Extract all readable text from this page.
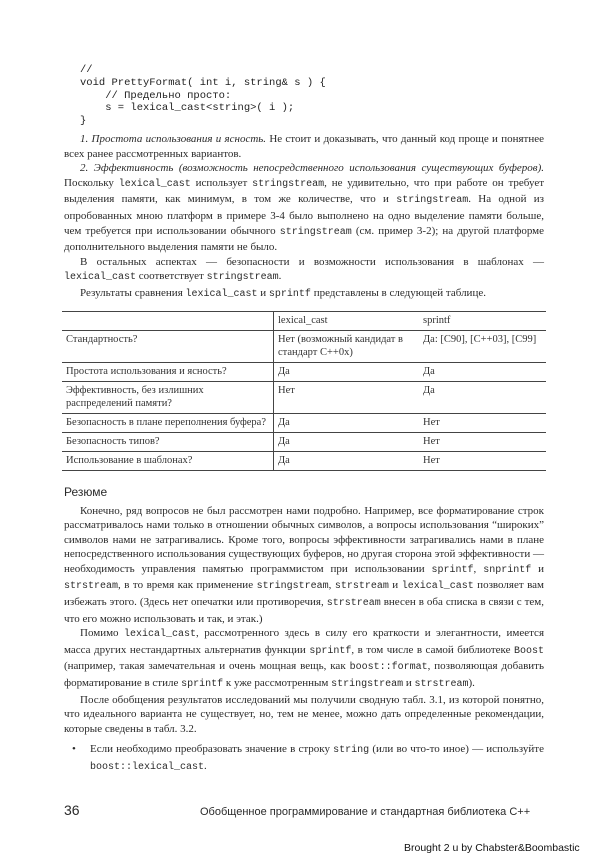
//
void PrettyFormat( int i, string& s ) {
// Предельно просто:
s = lexical_cast<string>( i );
}

1. Простота использования и ясность. Не стоит и доказывать, что данный код проще и понятнее всех ранее рассмотренных вариантов.

2. Эффективность (возможность непосредственного использования существующих буферов). Поскольку lexical_cast использует stringstream, не удивительно, что при работе он требует выделения памяти, как минимум, в том же количестве, что и stringstream. На одной из опробованных мною платформ в примере 3-4 было выполнено на одно выделение памяти больше, чем требуется при использовании обычного stringstream (см. пример 3-2); на другой платформе дополнительного выделения памяти не было.

В остальных аспектах — безопасности и возможности использования в шаблонах — lexical_cast соответствует stringstream.

Результаты сравнения lexical_cast и sprintf представлены в следующей таблице.

	lexical_cast	sprintf
Стандартность?	Нет (возможный кандидат в стандарт C++0x)	Да: [C90], [C++03], [C99]
Простота использования и ясность?	Да	Да
Эффективность, без излишних распределений памяти?	Нет	Да
Безопасность в плане переполнения буфера?	Да	Нет
Безопасность типов?	Да	Нет
Использование в шаблонах?	Да	Нет
Резюме

Конечно, ряд вопросов не был рассмотрен нами подробно. Например, все форматирование строк рассматривалось нами только в отношении обычных символов, а вопросы использования “широких” символов нами не затрагивались. Кроме того, вопросы эффективности затрагивались нами в плане непосредственного использования существующих буферов, но другая сторона этой эффективности — необходимость управления памятью программистом при использовании sprintf, snprintf и strstream, в то время как применение stringstream, strstream и lexical_cast позволяет вам избежать этого. (Здесь нет опечатки или противоречия, strstream внесен в оба списка в связи с тем, что его можно использовать и так, и этак.)

Помимо lexical_cast, рассмотренного здесь в силу его краткости и элегантности, имеется масса других нестандартных альтернатив функции sprintf, в том числе в самой библиотеке Boost (например, такая замечательная и очень мощная вещь, как boost::format, позволяющая добавить форматирование в стиле sprintf к уже рассмотренным stringstream и strstream).

После обобщения результатов исследований мы получили сводную табл. 3.1, из которой понятно, что идеального варианта не существует, но, тем не менее, можно дать определенные рекомендации, которые сведены в табл. 3.2.

• Если необходимо преобразовать значение в строку string (или во что-то иное) — используйте boost::lexical_cast.
36	Обобщенное программирование и стандартная библиотека C++
Brought 2 u by Chabster&Boombastic
